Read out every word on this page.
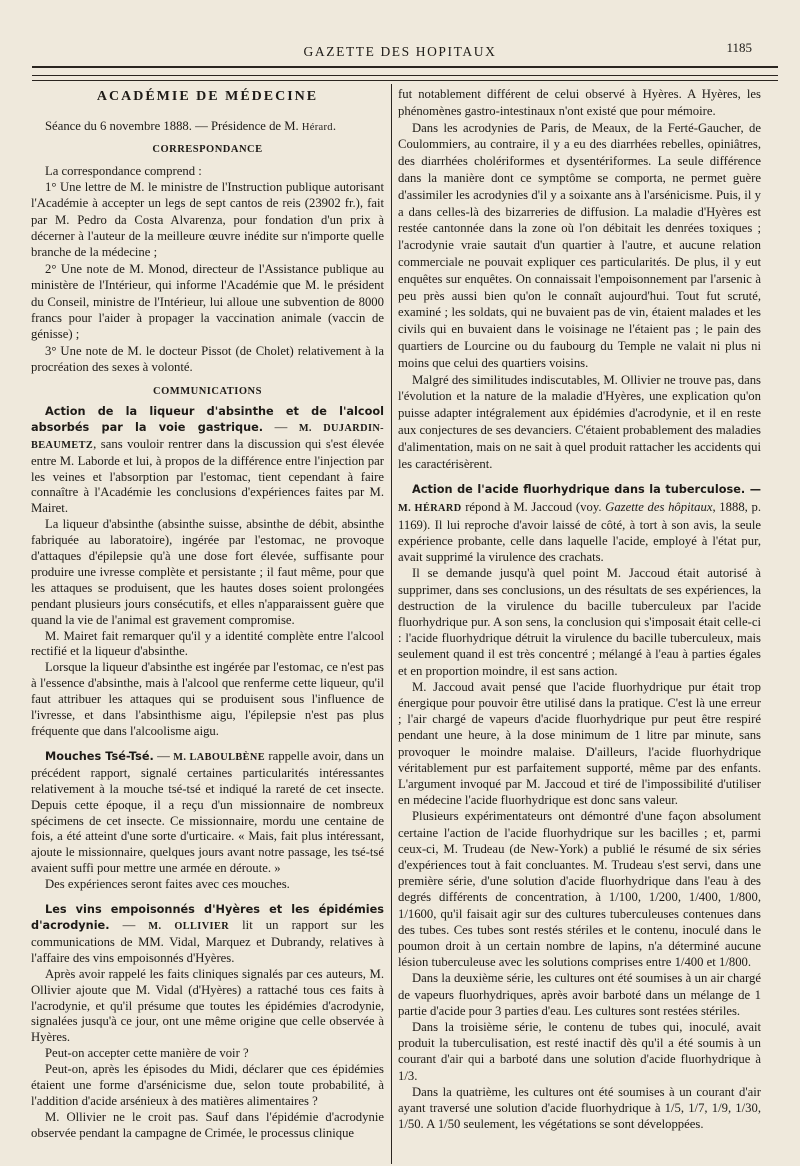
GAZETTE DES HOPITAUX	1185
ACADÉMIE DE MÉDECINE

Séance du 6 novembre 1888. — Présidence de M. Hérard.

CORRESPONDANCE

La correspondance comprend :

1° Une lettre de M. le ministre de l'Instruction publique autorisant l'Académie à accepter un legs de sept cantos de reis (23902 fr.), fait par M. Pedro da Costa Alvarenza, pour fondation d'un prix à décerner à l'auteur de la meilleure œuvre inédite sur n'importe quelle branche de la médecine ;

2° Une note de M. Monod, directeur de l'Assistance publique au ministère de l'Intérieur, qui informe l'Académie que M. le président du Conseil, ministre de l'Intérieur, lui alloue une subvention de 8000 francs pour l'aider à propager la vaccination animale (vaccin de génisse) ;

3° Une note de M. le docteur Pissot (de Cholet) relativement à la procréation des sexes à volonté.

COMMUNICATIONS

Action de la liqueur d'absinthe et de l'alcool absorbés par la voie gastrique. — M. DUJARDIN-BEAUMETZ, sans vouloir rentrer dans la discussion qui s'est élevée entre M. Laborde et lui, à propos de la différence entre l'injection par les veines et l'absorption par l'estomac, tient cependant à faire connaître à l'Académie les conclusions d'expériences faites par M. Mairet.

La liqueur d'absinthe (absinthe suisse, absinthe de débit, absinthe fabriquée au laboratoire), ingérée par l'estomac, ne provoque d'attaques d'épilepsie qu'à une dose fort élevée, suffisante pour produire une ivresse complète et persistante ; il faut même, pour que les attaques se produisent, que les hautes doses soient prolongées pendant plusieurs jours consécutifs, et elles n'apparaissent guère que quand la vie de l'animal est gravement compromise.

M. Mairet fait remarquer qu'il y a identité complète entre l'alcool rectifié et la liqueur d'absinthe.

Lorsque la liqueur d'absinthe est ingérée par l'estomac, ce n'est pas à l'essence d'absinthe, mais à l'alcool que renferme cette liqueur, qu'il faut attribuer les attaques qui se produisent sous l'influence de l'ivresse, et dans l'absinthisme aigu, l'épilepsie n'est pas plus fréquente que dans l'alcoolisme aigu.

Mouches Tsé-Tsé. — M. LABOULBÈNE rappelle avoir, dans un précédent rapport, signalé certaines particularités intéressantes relativement à la mouche tsé-tsé et indiqué la rareté de cet insecte. Depuis cette époque, il a reçu d'un missionnaire de nombreux spécimens de cet insecte. Ce missionnaire, mordu une centaine de fois, a été atteint d'une sorte d'urticaire. « Mais, fait plus intéressant, ajoute le missionnaire, quelques jours avant notre passage, les tsé-tsé avaient suffi pour mettre une armée en déroute. »

Des expériences seront faites avec ces mouches.

Les vins empoisonnés d'Hyères et les épidémies d'acrodynie. — M. OLLIVIER lit un rapport sur les communications de MM. Vidal, Marquez et Dubrandy, relatives à l'affaire des vins empoisonnés d'Hyères.

Après avoir rappelé les faits cliniques signalés par ces auteurs, M. Ollivier ajoute que M. Vidal (d'Hyères) a rattaché tous ces faits à l'acrodynie, et qu'il présume que toutes les épidémies d'acrodynie, signalées jusqu'à ce jour, ont une même origine que celle observée à Hyères.

Peut-on accepter cette manière de voir ?

Peut-on, après les épisodes du Midi, déclarer que ces épidémies étaient une forme d'arsénicisme due, selon toute probabilité, à l'addition d'acide arsénieux à des matières alimentaires ?

M. Ollivier ne le croit pas. Sauf dans l'épidémie d'acrodynie observée pendant la campagne de Crimée, le processus clinique

fut notablement différent de celui observé à Hyères. A Hyères, les phénomènes gastro-intestinaux n'ont existé que pour mémoire.

Dans les acrodynies de Paris, de Meaux, de la Ferté-Gaucher, de Coulommiers, au contraire, il y a eu des diarrhées rebelles, opiniâtres, des diarrhées cholériformes et dysentériformes. La seule différence dans la manière dont ce symptôme se comporta, ne permet guère d'assimiler les acrodynies d'il y a soixante ans à l'arsénicisme. Puis, il y a dans celles-là des bizarreries de diffusion. La maladie d'Hyères est restée cantonnée dans la zone où l'on débitait les denrées toxiques ; l'acrodynie vraie sautait d'un quartier à l'autre, et aucune relation commerciale ne pouvait expliquer ces particularités. De plus, il y eut enquêtes sur enquêtes. On connaissait l'empoisonnement par l'arsenic à peu près aussi bien qu'on le connaît aujourd'hui. Tout fut scruté, examiné ; les soldats, qui ne buvaient pas de vin, étaient malades et les civils qui en buvaient dans le voisinage ne l'étaient pas ; le pain des quartiers de Lourcine ou du faubourg du Temple ne valait ni plus ni moins que celui des quartiers voisins.

Malgré des similitudes indiscutables, M. Ollivier ne trouve pas, dans l'évolution et la nature de la maladie d'Hyères, une explication qu'on puisse adapter intégralement aux épidémies d'acrodynie, et il en reste aux conjectures de ses devanciers. C'étaient probablement des maladies d'alimentation, mais on ne sait à quel produit rattacher les accidents qui les caractérisèrent.

Action de l'acide fluorhydrique dans la tuberculose. — M. HÉRARD répond à M. Jaccoud (voy. Gazette des hôpitaux, 1888, p. 1169). Il lui reproche d'avoir laissé de côté, à tort à son avis, la seule expérience probante, celle dans laquelle l'acide, employé à l'état pur, avait supprimé la virulence des crachats.

Il se demande jusqu'à quel point M. Jaccoud était autorisé à supprimer, dans ses conclusions, un des résultats de ses expériences, la destruction de la virulence du bacille tuberculeux par l'acide fluorhydrique pur. A son sens, la conclusion qui s'imposait était celle-ci : l'acide fluorhydrique détruit la virulence du bacille tuberculeux, mais seulement quand il est très concentré ; mélangé à l'eau à parties égales et en proportion moindre, il est sans action.

M. Jaccoud avait pensé que l'acide fluorhydrique pur était trop énergique pour pouvoir être utilisé dans la pratique. C'est là une erreur ; l'air chargé de vapeurs d'acide fluorhydrique pur peut être respiré pendant une heure, à la dose minimum de 1 litre par minute, sans provoquer le moindre malaise. D'ailleurs, l'acide fluorhydrique véritablement pur est parfaitement supporté, même par des enfants. L'argument invoqué par M. Jaccoud et tiré de l'impossibilité d'utiliser en médecine l'acide fluorhydrique est donc sans valeur.

Plusieurs expérimentateurs ont démontré d'une façon absolument certaine l'action de l'acide fluorhydrique sur les bacilles ; et, parmi ceux-ci, M. Trudeau (de New-York) a publié le résumé de six séries d'expériences tout à fait concluantes. M. Trudeau s'est servi, dans une première série, d'une solution d'acide fluorhydrique dans l'eau à des degrés différents de concentration, à 1/100, 1/200, 1/400, 1/800, 1/1600, qu'il faisait agir sur des cultures tuberculeuses contenues dans des tubes. Ces tubes sont restés stériles et le contenu, inoculé dans le poumon droit à un certain nombre de lapins, n'a déterminé aucune lésion tuberculeuse avec les solutions comprises entre 1/400 et 1/800.

Dans la deuxième série, les cultures ont été soumises à un air chargé de vapeurs fluorhydriques, après avoir barboté dans un mélange de 1 partie d'acide pour 3 parties d'eau. Les cultures sont restées stériles.

Dans la troisième série, le contenu de tubes qui, inoculé, avait produit la tuberculisation, est resté inactif dès qu'il a été soumis à un courant d'air qui a barboté dans une solution d'acide fluorhydrique à 1/3.

Dans la quatrième, les cultures ont été soumises à un courant d'air ayant traversé une solution d'acide fluorhydrique à 1/5, 1/7, 1/9, 1/30, 1/50. A 1/50 seulement, les végétations se sont développées.
